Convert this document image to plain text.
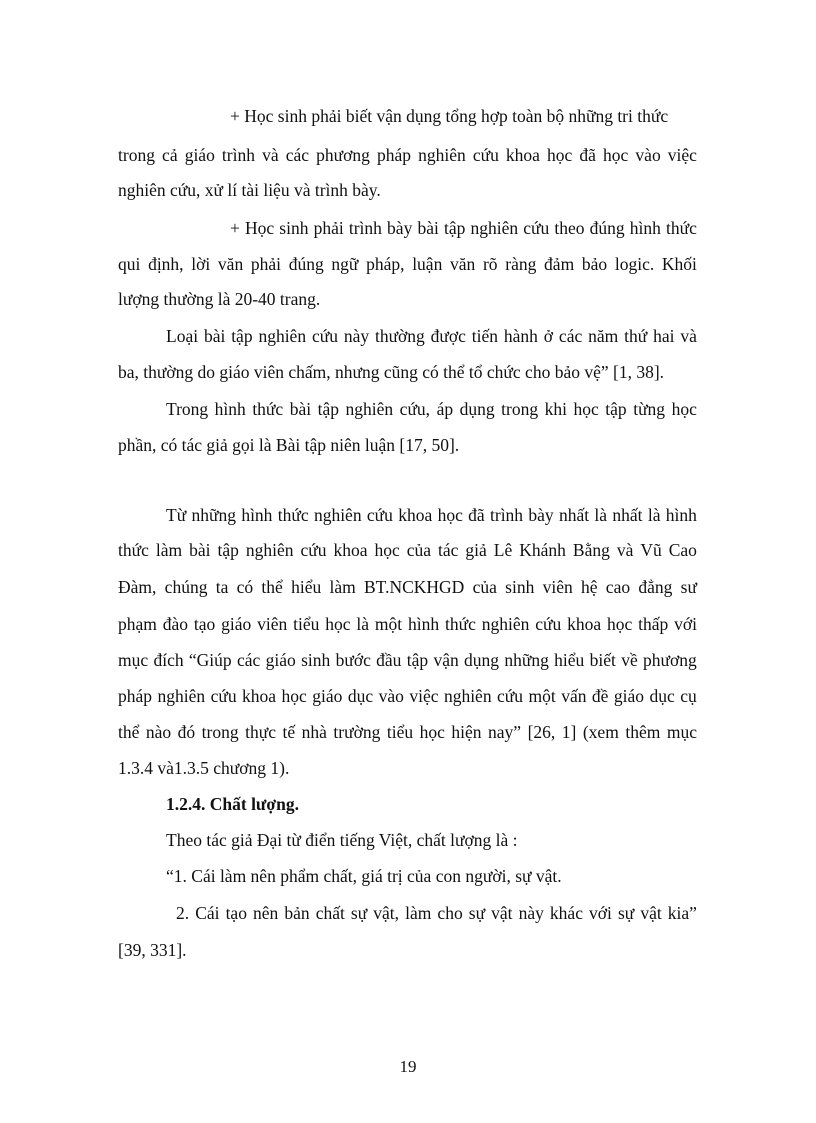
+ Học sinh phải biết vận dụng tổng hợp toàn bộ những tri thức

trong cả giáo trình và các phương pháp nghiên cứu khoa học đã học vào việc

nghiên cứu, xử lí tài liệu và trình bày.

+ Học sinh phải trình bày bài tập nghiên cứu theo đúng hình thức

qui định, lời văn phải đúng ngữ pháp, luận văn rõ ràng đảm bảo logic. Khối

lượng thường là 20-40 trang.

Loại bài tập nghiên cứu này thường được tiến hành ở các năm thứ hai và

ba, thường do giáo viên chấm, nhưng cũng có thể tổ chức cho bảo vệ” [1, 38].

Trong hình thức bài tập nghiên cứu, áp dụng trong khi học tập từng học

phần, có tác giả gọi là Bài tập niên luận [17, 50].

Từ những hình thức nghiên cứu khoa học đã trình bày nhất là nhất là hình

thức làm bài tập nghiên cứu khoa học của tác giả Lê Khánh Bằng và Vũ Cao

Đàm, chúng ta có thể hiểu làm BT.NCKHGD của sinh viên hệ cao đẳng sư

phạm đào tạo giáo viên tiểu học là một hình thức nghiên cứu khoa học thấp với

mục đích “Giúp các giáo sinh bước đầu tập vận dụng những hiểu biết về phương

pháp nghiên cứu khoa học giáo dục vào việc nghiên cứu một vấn đề giáo dục cụ

thể nào đó trong thực tế nhà trường tiểu học hiện nay” [26, 1] (xem thêm mục

1.3.4 và1.3.5 chương 1).

1.2.4. Chất lượng.

Theo tác giả Đại từ điển tiếng Việt, chất lượng là :

“1. Cái làm nên phẩm chất, giá trị của con người, sự vật.

2. Cái tạo nên bản chất sự vật, làm cho sự vật này khác với sự vật kia”

[39, 331].

19
